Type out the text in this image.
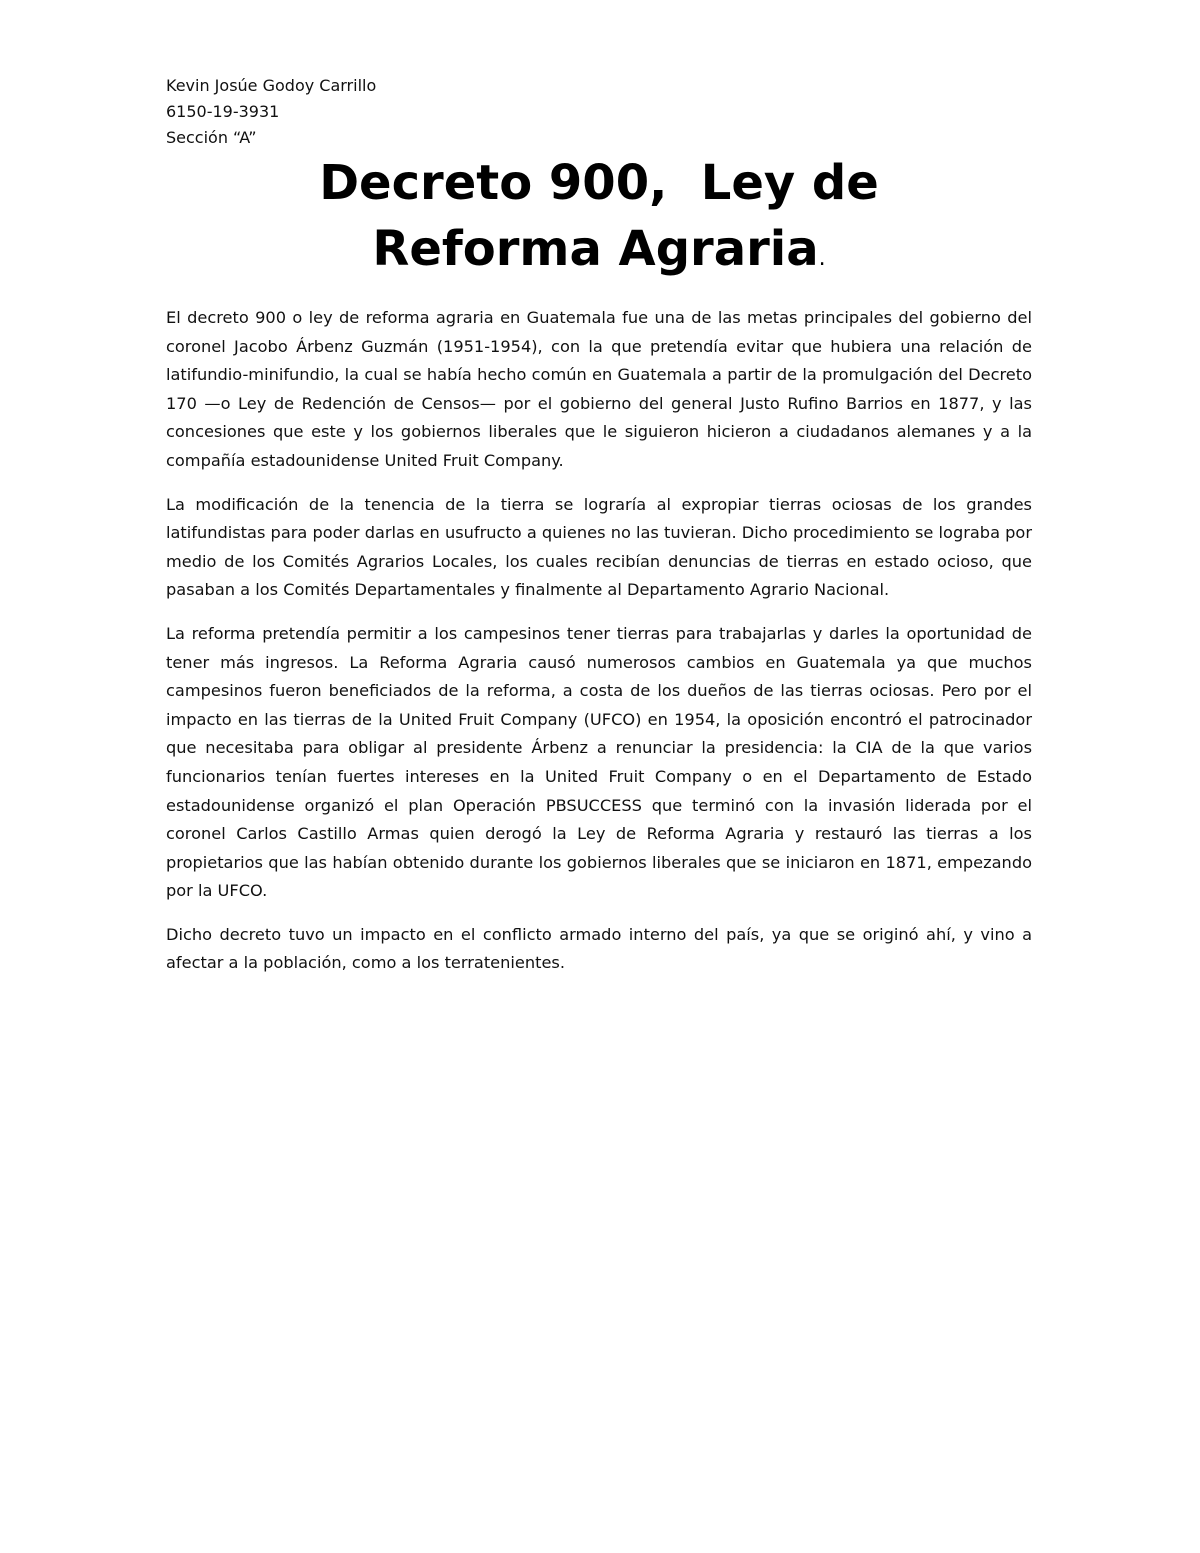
Kevin Josúe Godoy Carrillo
6150-19-3931
Sección “A”
Decreto 900,  Ley de
Reforma Agraria.

El decreto 900 o ley de reforma agraria en Guatemala fue una de las metas principales del gobierno del coronel Jacobo Árbenz Guzmán (1951-1954), con la que pretendía evitar que hubiera una relación de latifundio-minifundio, la cual se había hecho común en Guatemala a partir de la promulgación del Decreto 170 —o Ley de Redención de Censos— por el gobierno del general Justo Rufino Barrios en 1877, y las concesiones que este y los gobiernos liberales que le siguieron hicieron a ciudadanos alemanes y a la compañía estadounidense United Fruit Company.

La modificación de la tenencia de la tierra se lograría al expropiar tierras ociosas de los grandes latifundistas para poder darlas en usufructo a quienes no las tuvieran. Dicho procedimiento se lograba por medio de los Comités Agrarios Locales, los cuales recibían denuncias de tierras en estado ocioso, que pasaban a los Comités Departamentales y finalmente al Departamento Agrario Nacional.

La reforma pretendía permitir a los campesinos tener tierras para trabajarlas y darles la oportunidad de tener más ingresos. La Reforma Agraria causó numerosos cambios en Guatemala ya que muchos campesinos fueron beneficiados de la reforma, a costa de los dueños de las tierras ociosas. Pero por el impacto en las tierras de la United Fruit Company (UFCO) en 1954, la oposición encontró el patrocinador que necesitaba para obligar al presidente Árbenz a renunciar la presidencia: la CIA de la que varios funcionarios tenían fuertes intereses en la United Fruit Company o en el Departamento de Estado estadounidense organizó el plan Operación PBSUCCESS que terminó con la invasión liderada por el coronel Carlos Castillo Armas quien derogó la Ley de Reforma Agraria y restauró las tierras a los propietarios que las habían obtenido durante los gobiernos liberales que se iniciaron en 1871, empezando por la UFCO.

Dicho decreto tuvo un impacto en el conflicto armado interno del país, ya que se originó ahí, y vino a afectar a la población, como a los terratenientes.
